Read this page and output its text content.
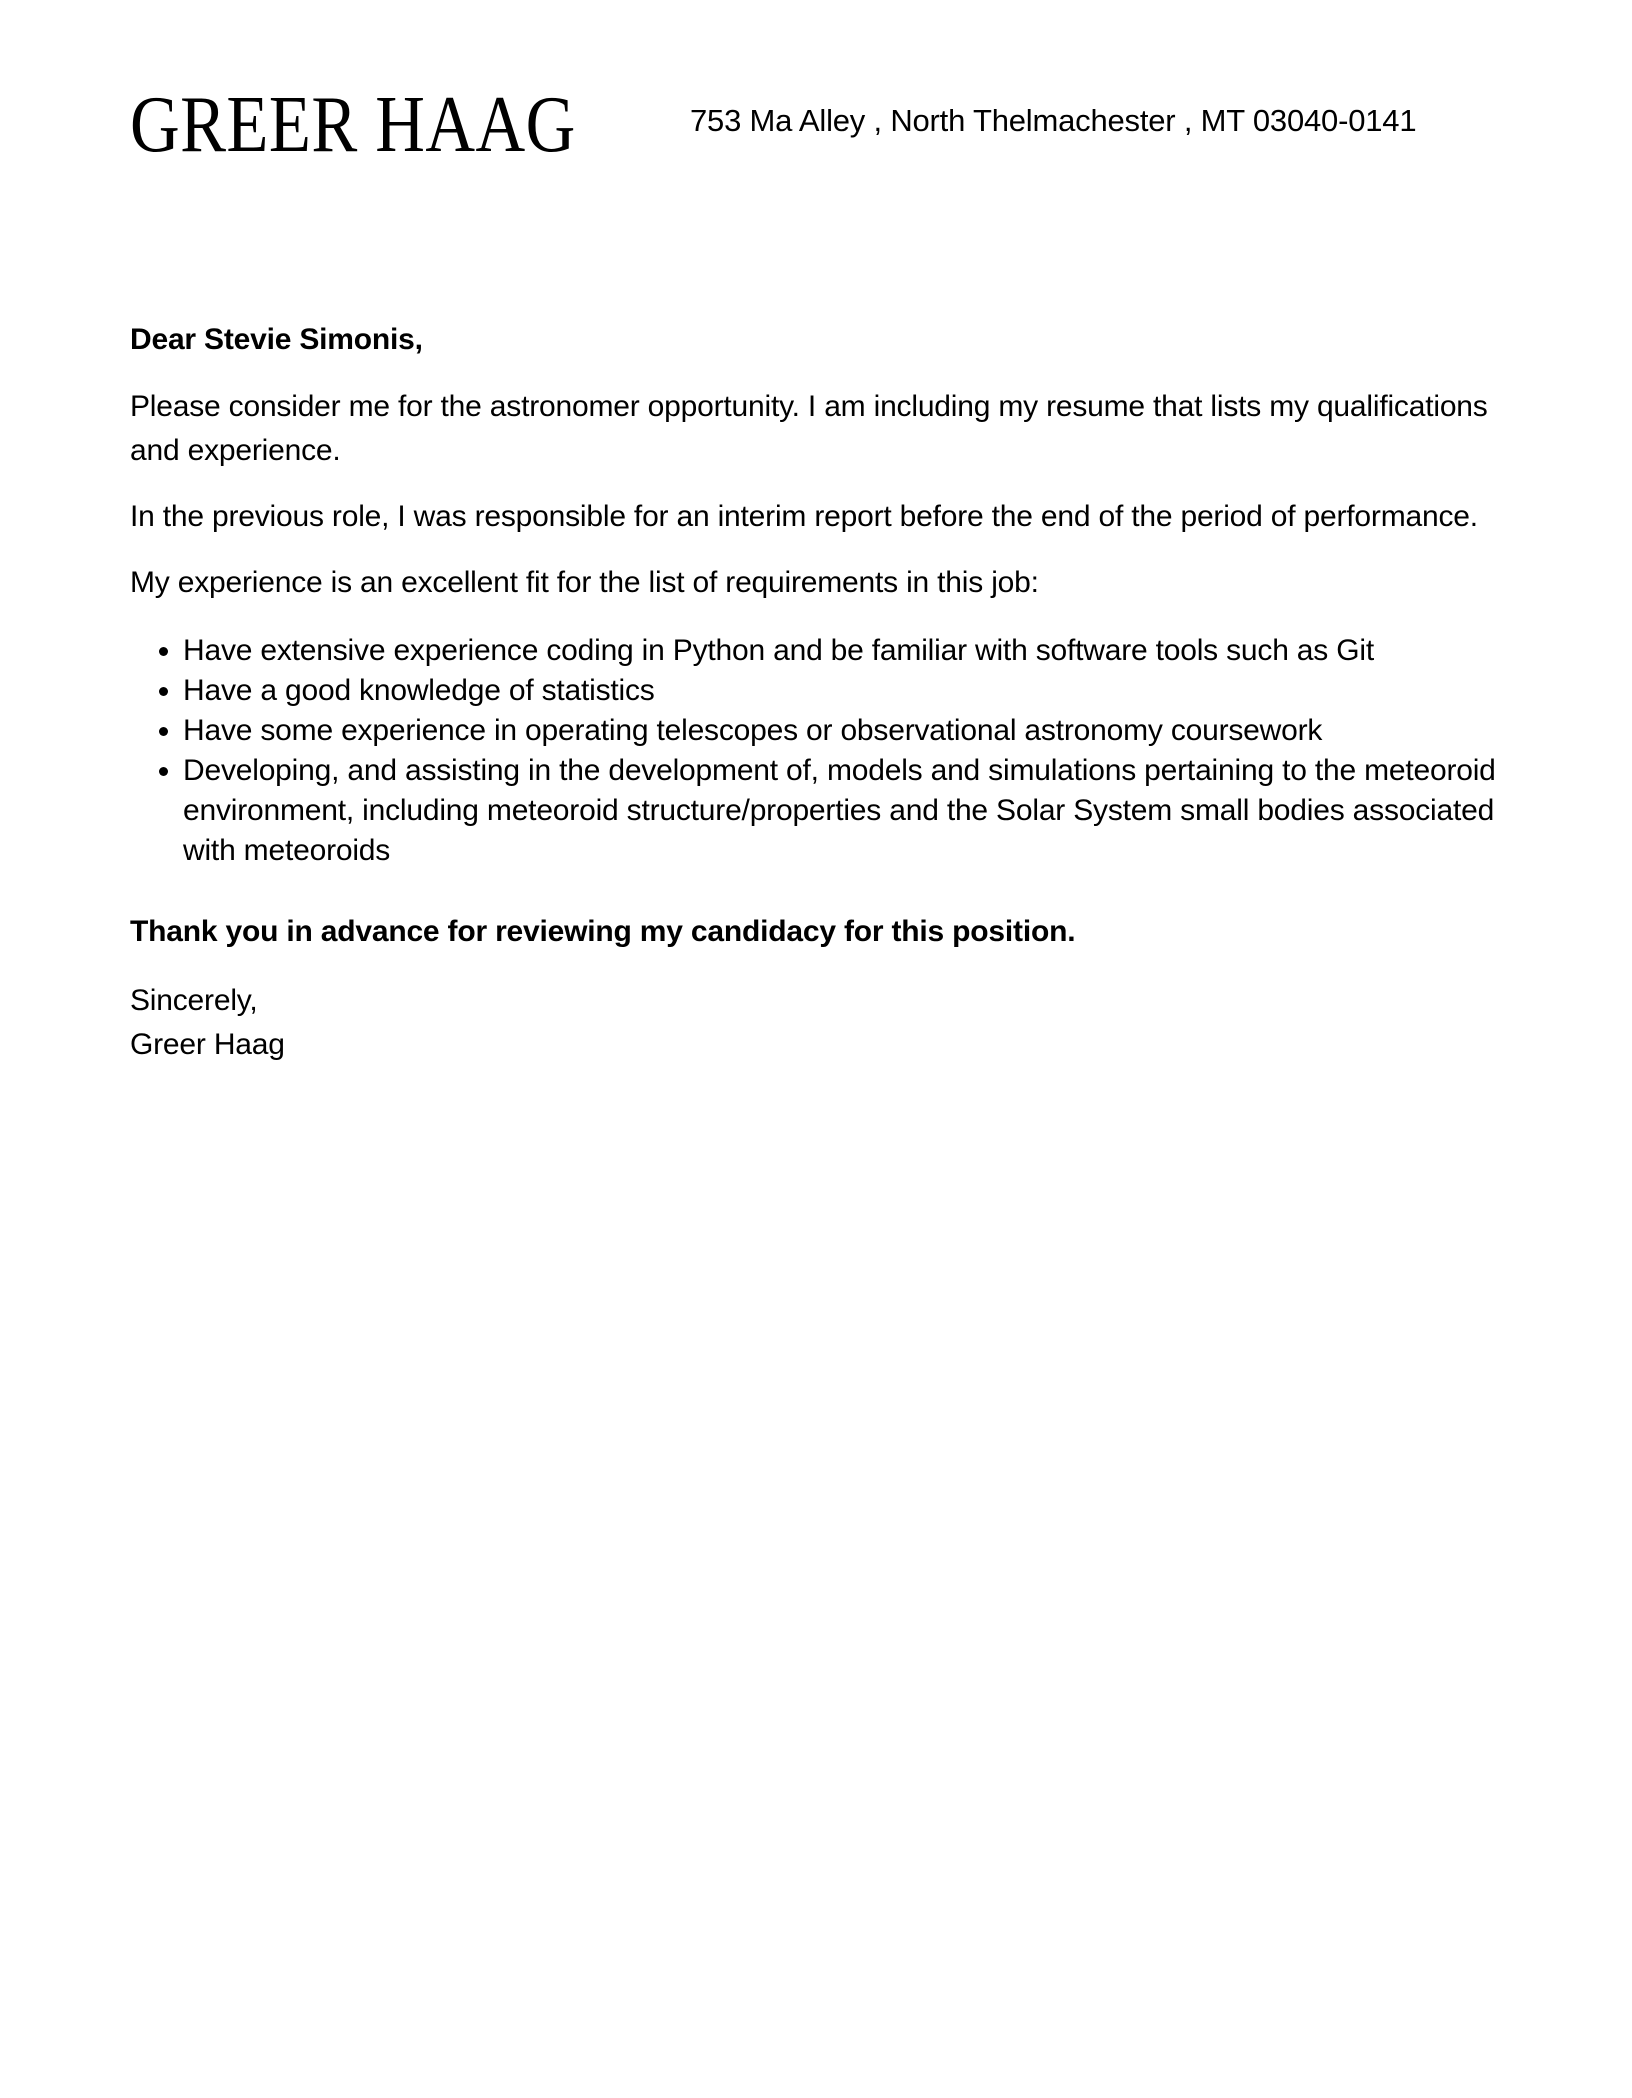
GREER HAAG	753 Ma Alley , North Thelmachester , MT 03040-0141

Dear Stevie Simonis,

Please consider me for the astronomer opportunity. I am including my resume that lists my qualifications and experience.

In the previous role, I was responsible for an interim report before the end of the period of performance.

My experience is an excellent fit for the list of requirements in this job:

• Have extensive experience coding in Python and be familiar with software tools such as Git
• Have a good knowledge of statistics
• Have some experience in operating telescopes or observational astronomy coursework
• Developing, and assisting in the development of, models and simulations pertaining to the meteoroid environment, including meteoroid structure/properties and the Solar System small bodies associated with meteoroids

Thank you in advance for reviewing my candidacy for this position.

Sincerely,

Greer Haag
